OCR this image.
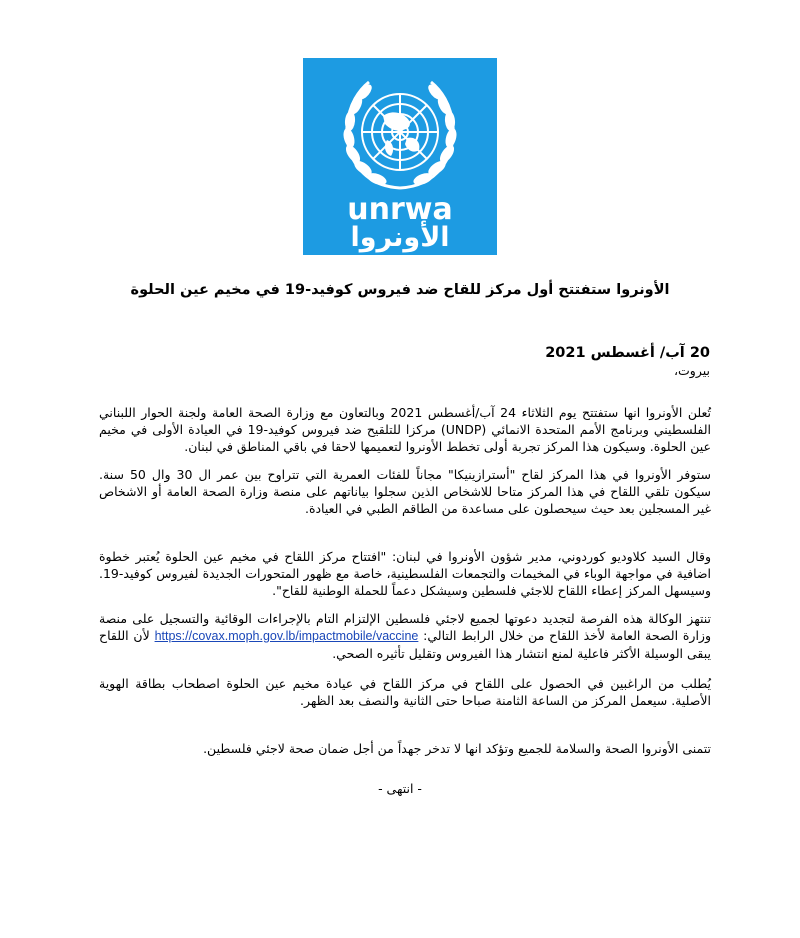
unrwa
الأونروا
الأونروا ستفتتح أول مركز للقاح ضد فيروس كوفيد-19 في مخيم عين الحلوة
20 آب/ أغسطس 2021
بيروت،

تُعلن الأونروا انها ستفتتح يوم الثلاثاء 24 آب/أغسطس 2021 وبالتعاون مع وزارة الصحة العامة ولجنة الحوار اللبناني الفلسطيني وبرنامج الأمم المتحدة الانمائي (UNDP) مركزا للتلقيح ضد فيروس كوفيد-19 في العيادة الأولى في مخيم عين الحلوة. وسيكون هذا المركز تجربة أولى تخطط الأونروا لتعميمها لاحقا في باقي المناطق في لبنان.

ستوفر الأونروا في هذا المركز لقاح "أسترازينيكا" مجاناً للفئات العمرية التي تتراوح بين عمر ال 30 وال 50 سنة. سيكون تلقي اللقاح في هذا المركز متاحا للاشخاص الذين سجلوا بياناتهم على منصة وزارة الصحة العامة أو الاشخاص غير المسجلين بعد حيث سيحصلون على مساعدة من الطاقم الطبي في العيادة.

وقال السيد كلاوديو كوردوني، مدير شؤون الأونروا في لبنان: "افتتاح مركز اللقاح في مخيم عين الحلوة يُعتبر خطوة اضافية في مواجهة الوباء في المخيمات والتجمعات الفلسطينية، خاصة مع ظهور المتحورات الجديدة لفيروس كوفيد-19. وسيسهل المركز إعطاء اللقاح للاجئي فلسطين وسيشكل دعماً للحملة الوطنية للقاح".

تنتهز الوكالة هذه الفرصة لتجديد دعوتها لجميع لاجئي فلسطين الإلتزام التام بالإجراءات الوقائية والتسجيل على منصة وزارة الصحة العامة لأخذ اللقاح من خلال الرابط التالي: https://covax.moph.gov.lb/impactmobile/vaccine لأن اللقاح يبقى الوسيلة الأكثر فاعلية لمنع انتشار هذا الفيروس وتقليل تأثيره الصحي.

يُطلب من الراغبين في الحصول على اللقاح في مركز اللقاح في عيادة مخيم عين الحلوة اصطحاب بطاقة الهوية الأصلية. سيعمل المركز من الساعة الثامنة صباحا حتى الثانية والنصف بعد الظهر.

تتمنى الأونروا الصحة والسلامة للجميع وتؤكد انها لا تدخر جهداً من أجل ضمان صحة لاجئي فلسطين.

- انتهى -
